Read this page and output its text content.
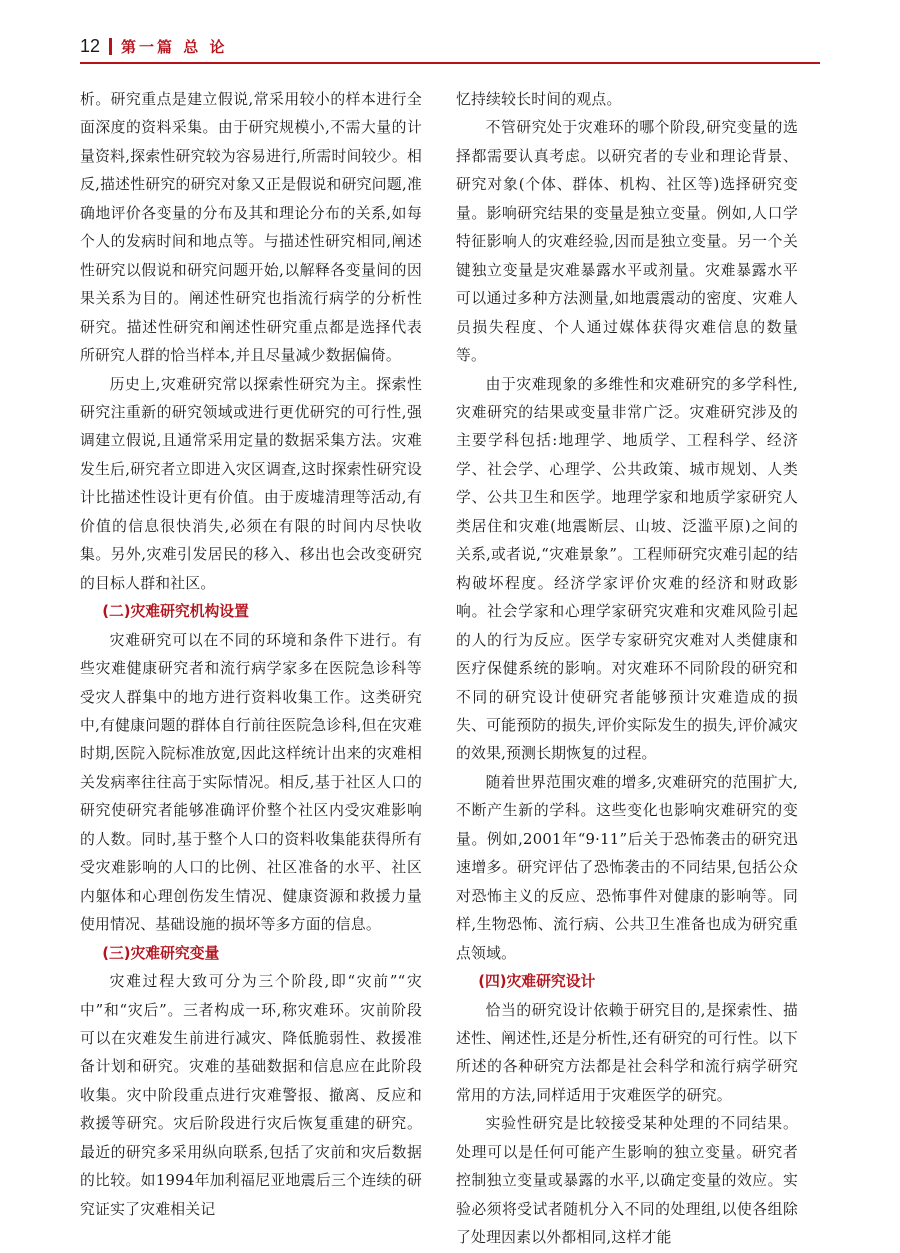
12 第一篇 总 论

析。研究重点是建立假说,常采用较小的样本进行全面深度的资料采集。由于研究规模小,不需大量的计量资料,探索性研究较为容易进行,所需时间较少。相反,描述性研究的研究对象又正是假说和研究问题,准确地评价各变量的分布及其和理论分布的关系,如每个人的发病时间和地点等。与描述性研究相同,阐述性研究以假说和研究问题开始,以解释各变量间的因果关系为目的。阐述性研究也指流行病学的分析性研究。描述性研究和阐述性研究重点都是选择代表所研究人群的恰当样本,并且尽量减少数据偏倚。

历史上,灾难研究常以探索性研究为主。探索性研究注重新的研究领域或进行更优研究的可行性,强调建立假说,且通常采用定量的数据采集方法。灾难发生后,研究者立即进入灾区调查,这时探索性研究设计比描述性设计更有价值。由于废墟清理等活动,有价值的信息很快消失,必须在有限的时间内尽快收集。另外,灾难引发居民的移入、移出也会改变研究的目标人群和社区。

(二)灾难研究机构设置

灾难研究可以在不同的环境和条件下进行。有些灾难健康研究者和流行病学家多在医院急诊科等受灾人群集中的地方进行资料收集工作。这类研究中,有健康问题的群体自行前往医院急诊科,但在灾难时期,医院入院标准放宽,因此这样统计出来的灾难相关发病率往往高于实际情况。相反,基于社区人口的研究使研究者能够准确评价整个社区内受灾难影响的人数。同时,基于整个人口的资料收集能获得所有受灾难影响的人口的比例、社区准备的水平、社区内躯体和心理创伤发生情况、健康资源和救援力量使用情况、基础设施的损坏等多方面的信息。

(三)灾难研究变量

灾难过程大致可分为三个阶段,即“灾前”“灾中”和“灾后”。三者构成一环,称灾难环。灾前阶段可以在灾难发生前进行减灾、降低脆弱性、救援准备计划和研究。灾难的基础数据和信息应在此阶段收集。灾中阶段重点进行灾难警报、撤离、反应和救援等研究。灾后阶段进行灾后恢复重建的研究。最近的研究多采用纵向联系,包括了灾前和灾后数据的比较。如1994年加利福尼亚地震后三个连续的研究证实了灾难相关记

忆持续较长时间的观点。

不管研究处于灾难环的哪个阶段,研究变量的选择都需要认真考虑。以研究者的专业和理论背景、研究对象(个体、群体、机构、社区等)选择研究变量。影响研究结果的变量是独立变量。例如,人口学特征影响人的灾难经验,因而是独立变量。另一个关键独立变量是灾难暴露水平或剂量。灾难暴露水平可以通过多种方法测量,如地震震动的密度、灾难人员损失程度、个人通过媒体获得灾难信息的数量等。

由于灾难现象的多维性和灾难研究的多学科性,灾难研究的结果或变量非常广泛。灾难研究涉及的主要学科包括:地理学、地质学、工程科学、经济学、社会学、心理学、公共政策、城市规划、人类学、公共卫生和医学。地理学家和地质学家研究人类居住和灾难(地震断层、山坡、泛滥平原)之间的关系,或者说,“灾难景象”。工程师研究灾难引起的结构破坏程度。经济学家评价灾难的经济和财政影响。社会学家和心理学家研究灾难和灾难风险引起的人的行为反应。医学专家研究灾难对人类健康和医疗保健系统的影响。对灾难环不同阶段的研究和不同的研究设计使研究者能够预计灾难造成的损失、可能预防的损失,评价实际发生的损失,评价减灾的效果,预测长期恢复的过程。

随着世界范围灾难的增多,灾难研究的范围扩大,不断产生新的学科。这些变化也影响灾难研究的变量。例如,2001年“9·11”后关于恐怖袭击的研究迅速增多。研究评估了恐怖袭击的不同结果,包括公众对恐怖主义的反应、恐怖事件对健康的影响等。同样,生物恐怖、流行病、公共卫生准备也成为研究重点领域。

(四)灾难研究设计

恰当的研究设计依赖于研究目的,是探索性、描述性、阐述性,还是分析性,还有研究的可行性。以下所述的各种研究方法都是社会科学和流行病学研究常用的方法,同样适用于灾难医学的研究。

实验性研究是比较接受某种处理的不同结果。处理可以是任何可能产生影响的独立变量。研究者控制独立变量或暴露的水平,以确定变量的效应。实验必须将受试者随机分入不同的处理组,以使各组除了处理因素以外都相同,这样才能
